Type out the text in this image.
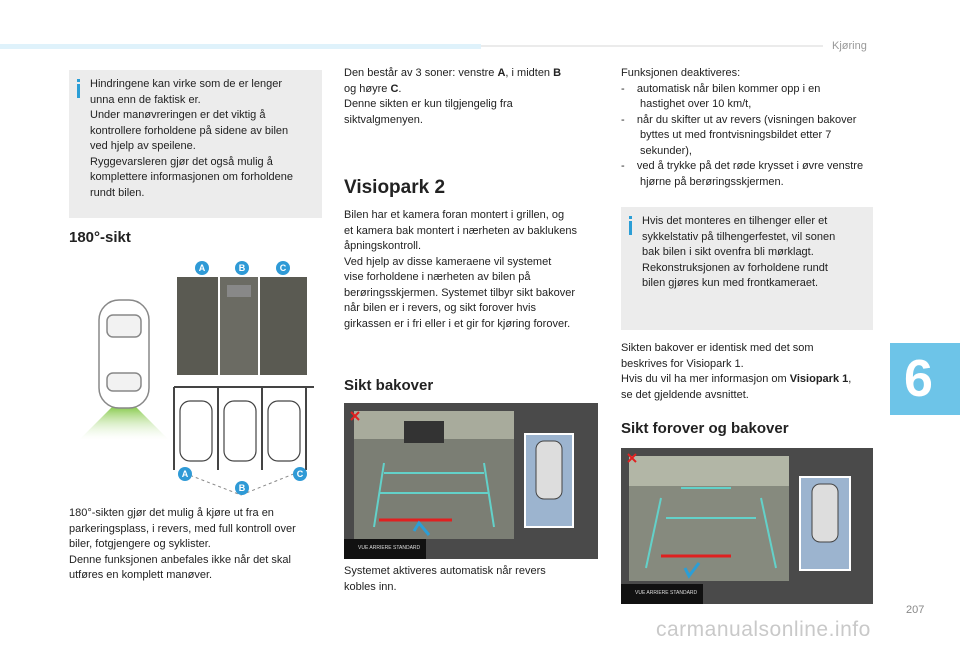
Kjøring
6
207
carmanualsonline.info

Hindringene kan virke som de er lenger
unna enn de faktisk er.
Under manøvreringen er det viktig å
kontrollere forholdene på sidene av bilen
ved hjelp av speilene.
Ryggevarsleren gjør det også mulig å
komplettere informasjonen om forholdene
rundt bilen.

180°-sikt
A	B	C
A
B
C

180°-sikten gjør det mulig å kjøre ut fra en
parkeringsplass, i revers, med full kontroll over
biler, fotgjengere og syklister.
Denne funksjonen anbefales ikke når det skal
utføres en komplett manøver.

Den består av 3 soner: venstre A, i midten B
og høyre C.
Denne sikten er kun tilgjengelig fra
siktvalgmenyen.

Visiopark 2

Bilen har et kamera foran montert i grillen, og
et kamera bak montert i nærheten av baklukens
åpningskontroll.
Ved hjelp av disse kameraene vil systemet
vise forholdene i nærheten av bilen på
berøringsskjermen. Systemet tilbyr sikt bakover
når bilen er i revers, og sikt forover hvis
girkassen er i fri eller i et gir for kjøring forover.

Sikt bakover
VUE ARRIERE STANDARD

Systemet aktiveres automatisk når revers
kobles inn.

Funksjonen deaktiveres:
-    automatisk når bilen kommer opp i en hastighet over 10 km/t,
-    når du skifter ut av revers (visningen bakover byttes ut med frontvisningsbildet etter 7 sekunder),
-    ved å trykke på det røde krysset i øvre venstre hjørne på berøringsskjermen.

Hvis det monteres en tilhenger eller et
sykkelstativ på tilhengerfestet, vil sonen
bak bilen i sikt ovenfra bli mørklagt.
Rekonstruksjonen av forholdene rundt
bilen gjøres kun med frontkameraet.

Sikten bakover er identisk med det som
beskrives for Visiopark 1.
Hvis du vil ha mer informasjon om Visiopark 1,
se det gjeldende avsnittet.

Sikt forover og bakover
VUE ARRIERE STANDARD
